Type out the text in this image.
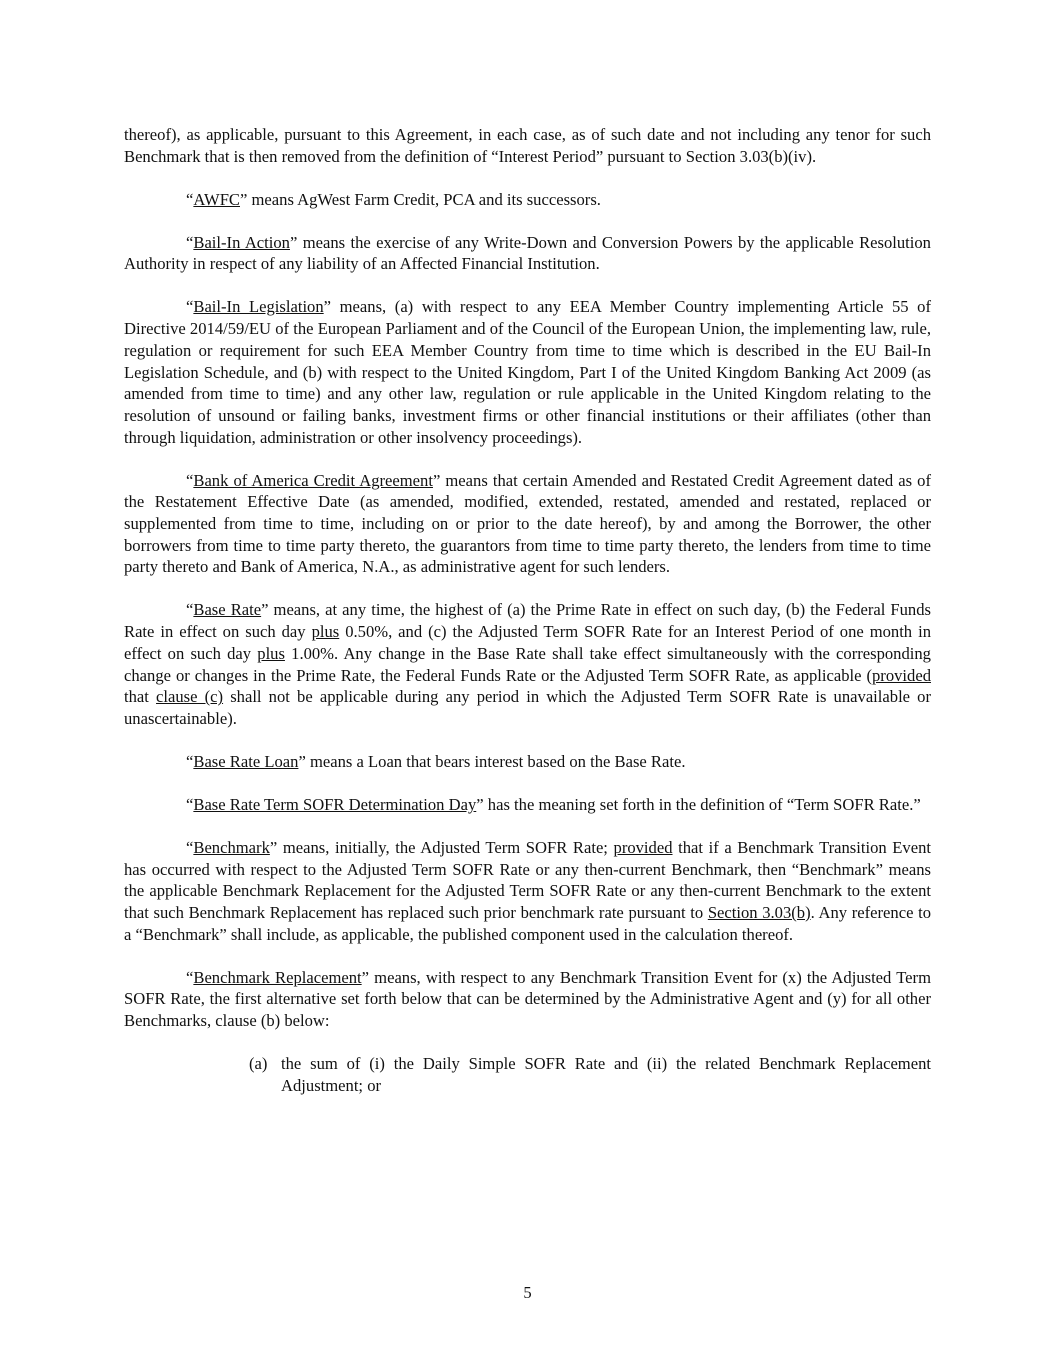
thereof), as applicable, pursuant to this Agreement, in each case, as of such date and not including any tenor for such Benchmark that is then removed from the definition of “Interest Period” pursuant to Section 3.03(b)(iv).

“AWFC” means AgWest Farm Credit, PCA and its successors.

“Bail-In Action” means the exercise of any Write-Down and Conversion Powers by the applicable Resolution Authority in respect of any liability of an Affected Financial Institution.

“Bail-In Legislation” means, (a) with respect to any EEA Member Country implementing Article 55 of Directive 2014/59/EU of the European Parliament and of the Council of the European Union, the implementing law, rule, regulation or requirement for such EEA Member Country from time to time which is described in the EU Bail-In Legislation Schedule, and (b) with respect to the United Kingdom, Part I of the United Kingdom Banking Act 2009 (as amended from time to time) and any other law, regulation or rule applicable in the United Kingdom relating to the resolution of unsound or failing banks, investment firms or other financial institutions or their affiliates (other than through liquidation, administration or other insolvency proceedings).

“Bank of America Credit Agreement” means that certain Amended and Restated Credit Agreement dated as of the Restatement Effective Date (as amended, modified, extended, restated, amended and restated, replaced or supplemented from time to time, including on or prior to the date hereof), by and among the Borrower, the other borrowers from time to time party thereto, the guarantors from time to time party thereto, the lenders from time to time party thereto and Bank of America, N.A., as administrative agent for such lenders.

“Base Rate” means, at any time, the highest of (a) the Prime Rate in effect on such day, (b) the Federal Funds Rate in effect on such day plus 0.50%, and (c) the Adjusted Term SOFR Rate for an Interest Period of one month in effect on such day plus 1.00%. Any change in the Base Rate shall take effect simultaneously with the corresponding change or changes in the Prime Rate, the Federal Funds Rate or the Adjusted Term SOFR Rate, as applicable (provided that clause (c) shall not be applicable during any period in which the Adjusted Term SOFR Rate is unavailable or unascertainable).

“Base Rate Loan” means a Loan that bears interest based on the Base Rate.

“Base Rate Term SOFR Determination Day” has the meaning set forth in the definition of “Term SOFR Rate.”

“Benchmark” means, initially, the Adjusted Term SOFR Rate; provided that if a Benchmark Transition Event has occurred with respect to the Adjusted Term SOFR Rate or any then-current Benchmark, then “Benchmark” means the applicable Benchmark Replacement for the Adjusted Term SOFR Rate or any then-current Benchmark to the extent that such Benchmark Replacement has replaced such prior benchmark rate pursuant to Section 3.03(b). Any reference to a “Benchmark” shall include, as applicable, the published component used in the calculation thereof.

“Benchmark Replacement” means, with respect to any Benchmark Transition Event for (x) the Adjusted Term SOFR Rate, the first alternative set forth below that can be determined by the Administrative Agent and (y) for all other Benchmarks, clause (b) below:

(a) the sum of (i) the Daily Simple SOFR Rate and (ii) the related Benchmark Replacement Adjustment; or
5
